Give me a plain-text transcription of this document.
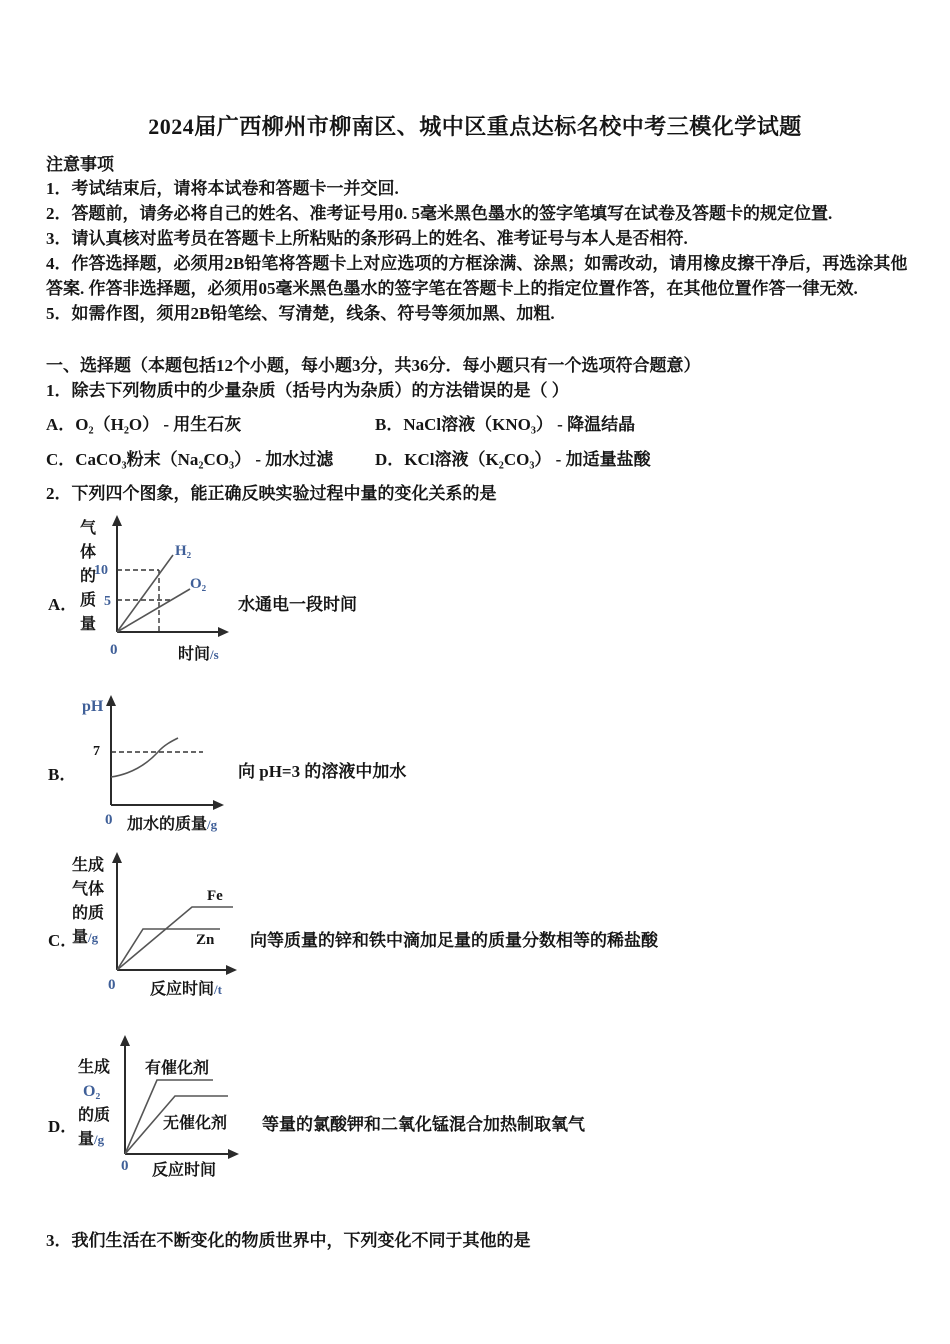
2024届广西柳州市柳南区、城中区重点达标名校中考三模化学试题
注意事项
1．考试结束后，请将本试卷和答题卡一并交回.
2．答题前，请务必将自己的姓名、准考证号用0. 5毫米黑色墨水的签字笔填写在试卷及答题卡的规定位置.
3．请认真核对监考员在答题卡上所粘贴的条形码上的姓名、准考证号与本人是否相符.
4．作答选择题，必须用2B铅笔将答题卡上对应选项的方框涂满、涂黑；如需改动，请用橡皮擦干净后，再选涂其他答案. 作答非选择题，必须用05毫米黑色墨水的签字笔在答题卡上的指定位置作答，在其他位置作答一律无效.
5．如需作图，须用2B铅笔绘、写清楚，线条、符号等须加黑、加粗.
一、选择题（本题包括12个小题，每小题3分，共36分．每小题只有一个选项符合题意）
1．除去下列物质中的少量杂质（括号内为杂质）的方法错误的是（ ）
A．O₂（H₂O） - 用生石灰	B．NaCl溶液（KNO₃） - 降温结晶
C．CaCO₃粉末（Na₂CO₃） - 加水过滤 D．KCl溶液（K₂CO₃） - 加适量盐酸
2．下列四个图象，能正确反映实验过程中量的变化关系的是
A．
气体的质量
10
5
H₂
O₂
0	时间/s
水通电一段时间
B．
pH
7
0 加水的质量/g
向 pH=3 的溶液中加水
C．
生成
气体
的质
量/g
Fe
Zn
0 反应时间/t
向等质量的锌和铁中滴加足量的质量分数相等的稀盐酸
D．
生成
O₂
的质
量/g
有催化剂
无催化剂
0 反应时间
等量的氯酸钾和二氧化锰混合加热制取氧气
3．我们生活在不断变化的物质世界中，下列变化不同于其他的是
